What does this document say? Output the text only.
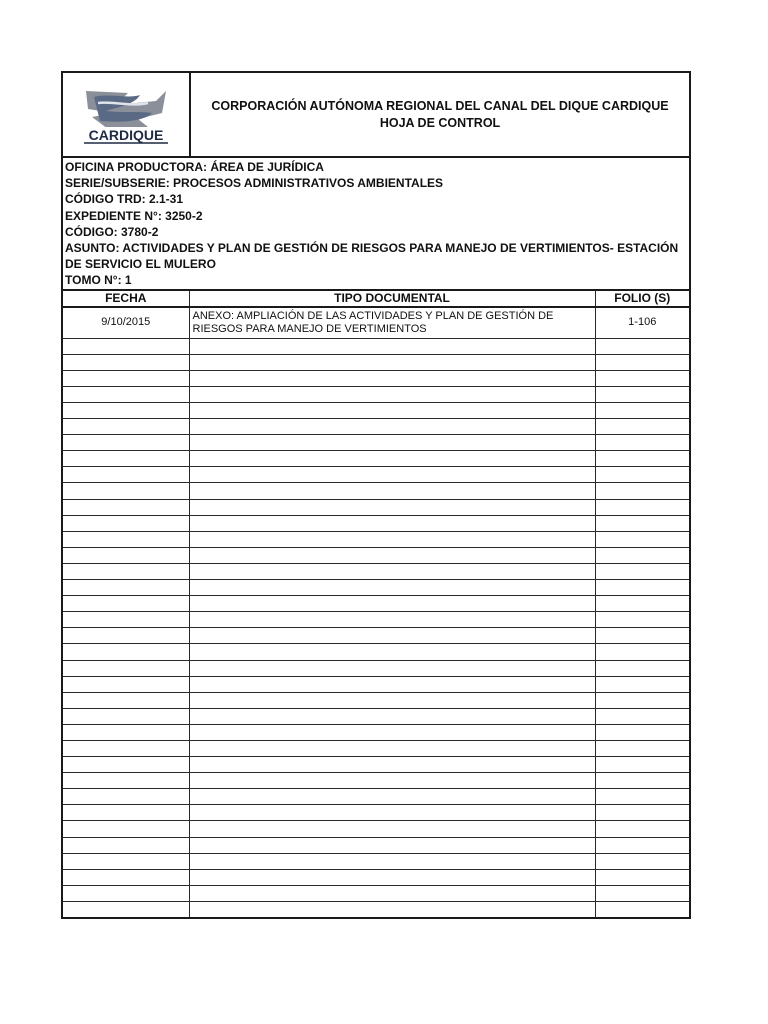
CARDIQUE
CORPORACIÓN AUTÓNOMA REGIONAL DEL CANAL DEL DIQUE CARDIQUE
HOJA DE CONTROL
OFICINA PRODUCTORA: ÁREA DE JURÍDICA
SERIE/SUBSERIE: PROCESOS ADMINISTRATIVOS AMBIENTALES
CÓDIGO TRD: 2.1-31
EXPEDIENTE N°: 3250-2
CÓDIGO: 3780-2
ASUNTO: ACTIVIDADES Y PLAN DE GESTIÓN DE RIESGOS PARA MANEJO DE VERTIMIENTOS- ESTACIÓN DE SERVICIO EL MULERO
TOMO N°: 1
FECHA	TIPO DOCUMENTAL	FOLIO (S)
9/10/2015	ANEXO: AMPLIACIÓN DE LAS ACTIVIDADES Y PLAN DE GESTIÓN DE RIESGOS PARA MANEJO DE VERTIMIENTOS	1-106
